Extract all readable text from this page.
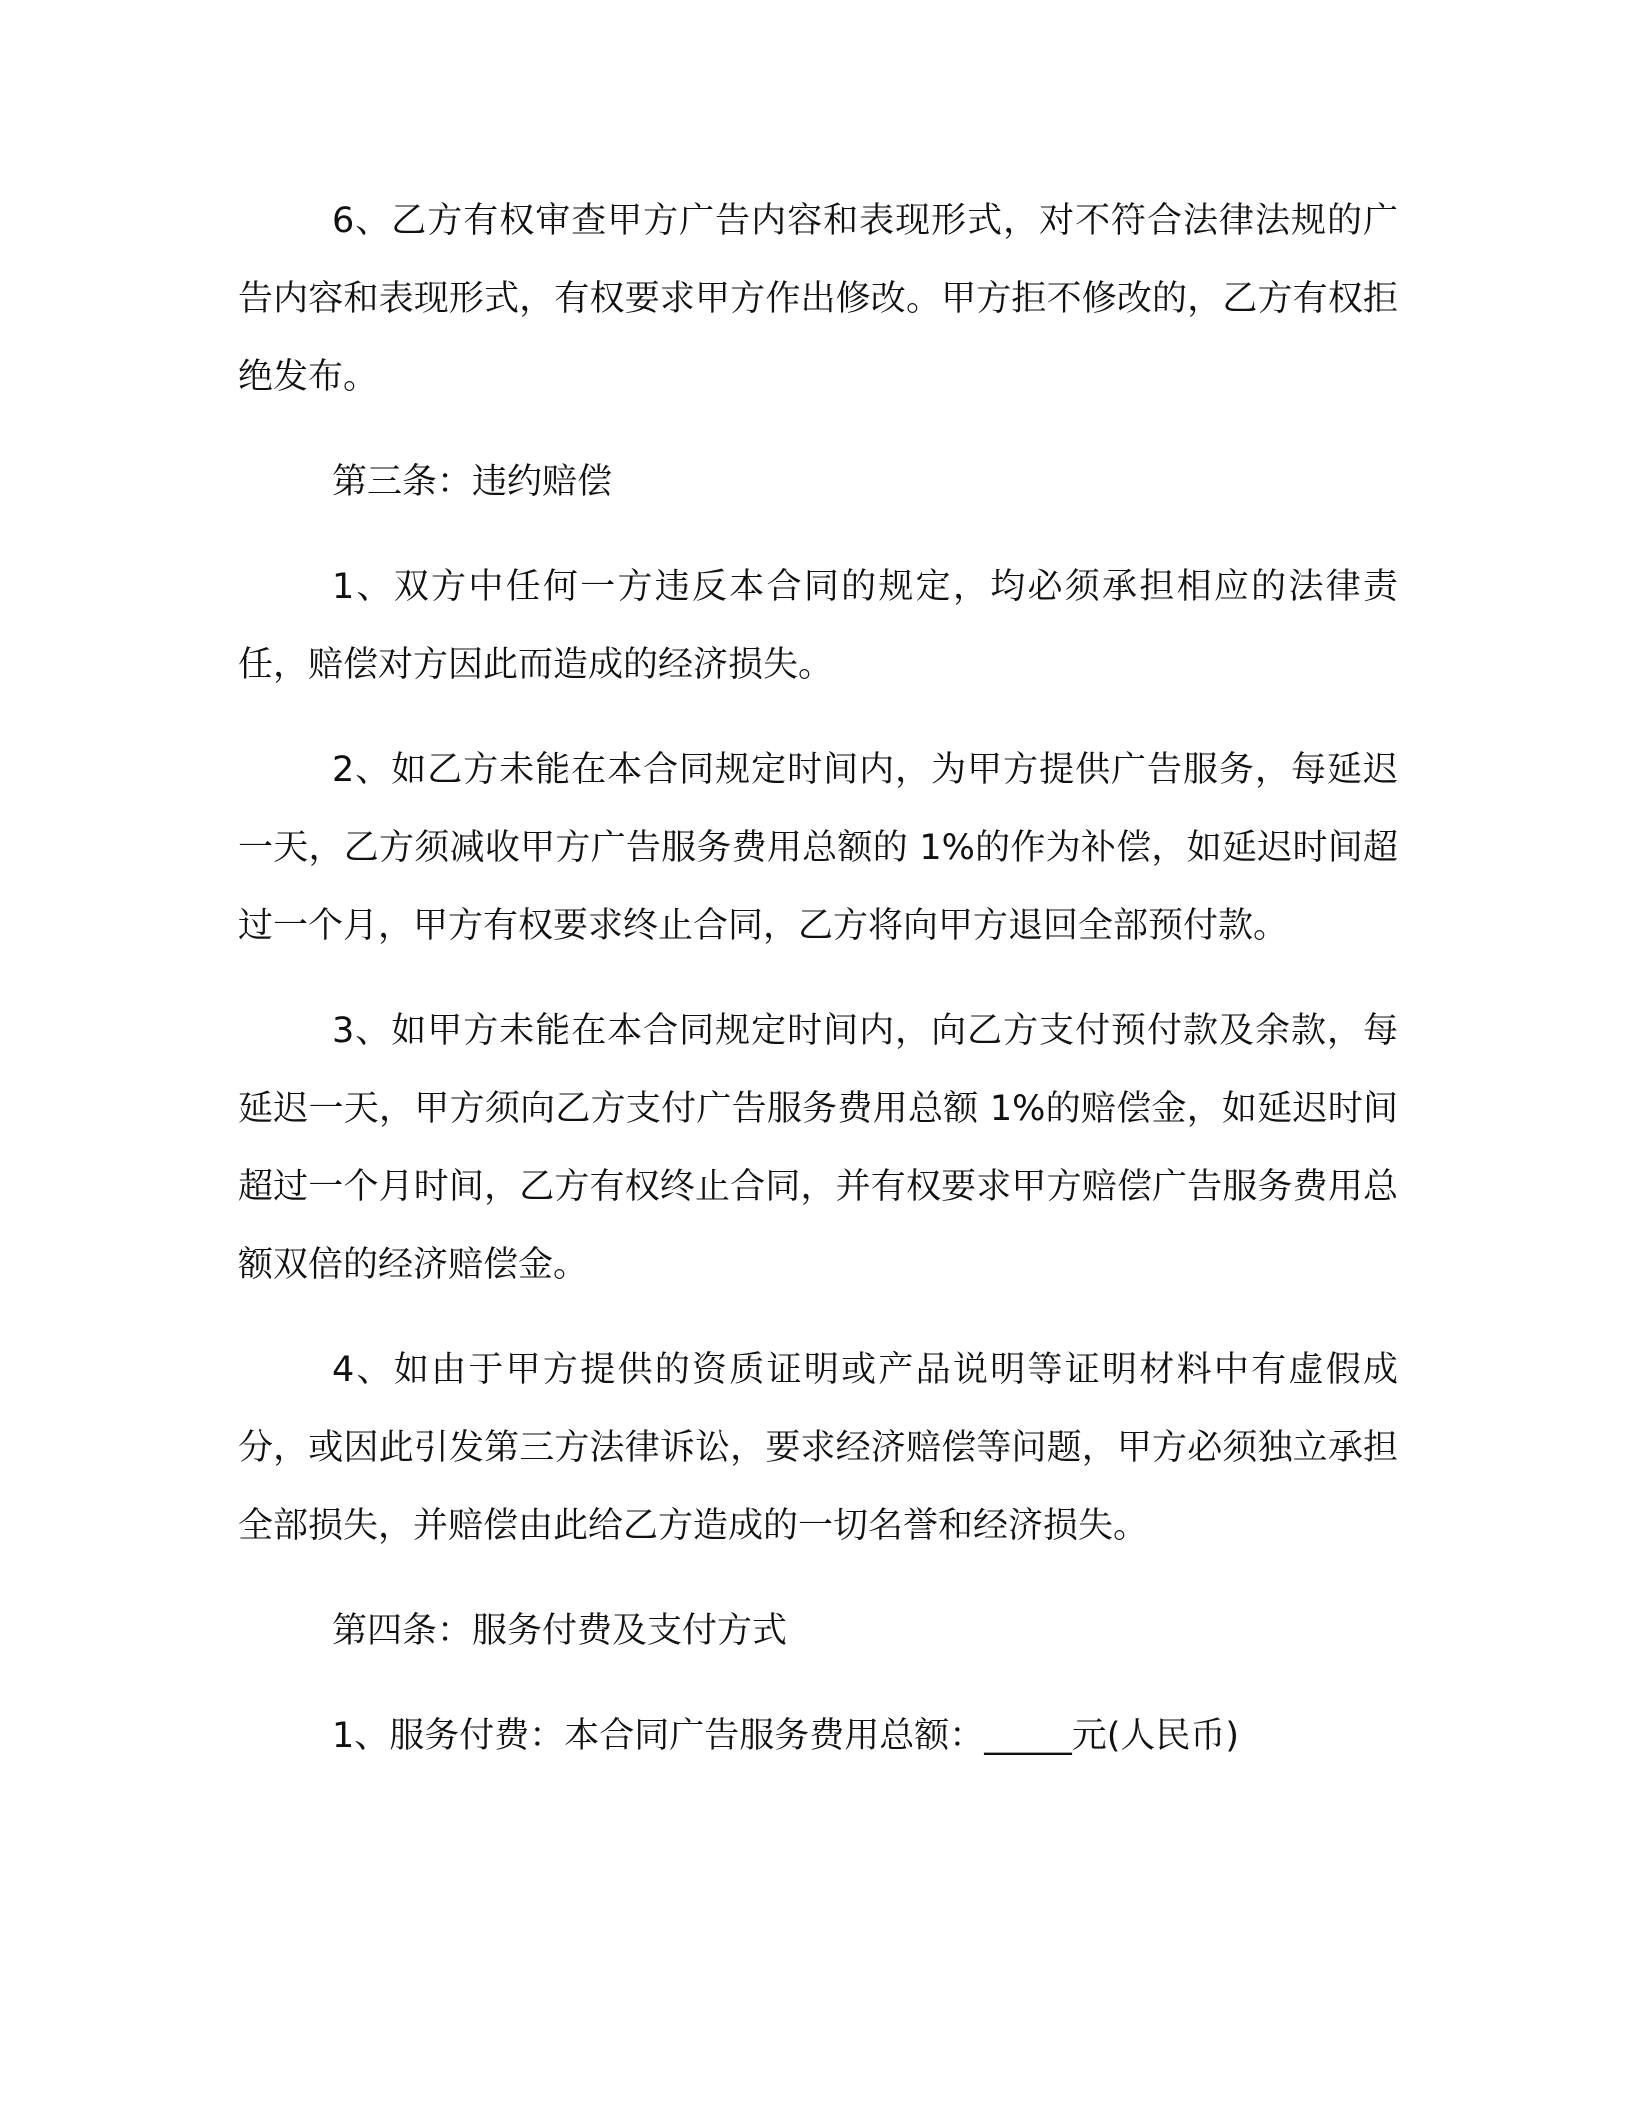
6、乙方有权审查甲方广告内容和表现形式，对不符合法律法规的广告内容和表现形式，有权要求甲方作出修改。甲方拒不修改的，乙方有权拒绝发布。

第三条：违约赔偿

1、双方中任何一方违反本合同的规定，均必须承担相应的法律责任，赔偿对方因此而造成的经济损失。

2、如乙方未能在本合同规定时间内，为甲方提供广告服务，每延迟一天，乙方须减收甲方广告服务费用总额的 1%的作为补偿，如延迟时间超过一个月，甲方有权要求终止合同，乙方将向甲方退回全部预付款。

3、如甲方未能在本合同规定时间内，向乙方支付预付款及余款，每延迟一天，甲方须向乙方支付广告服务费用总额 1%的赔偿金，如延迟时间超过一个月时间，乙方有权终止合同，并有权要求甲方赔偿广告服务费用总额双倍的经济赔偿金。

4、如由于甲方提供的资质证明或产品说明等证明材料中有虚假成分，或因此引发第三方法律诉讼，要求经济赔偿等问题，甲方必须独立承担全部损失，并赔偿由此给乙方造成的一切名誉和经济损失。

第四条：服务付费及支付方式

1、服务付费：本合同广告服务费用总额：_____元(人民币)
